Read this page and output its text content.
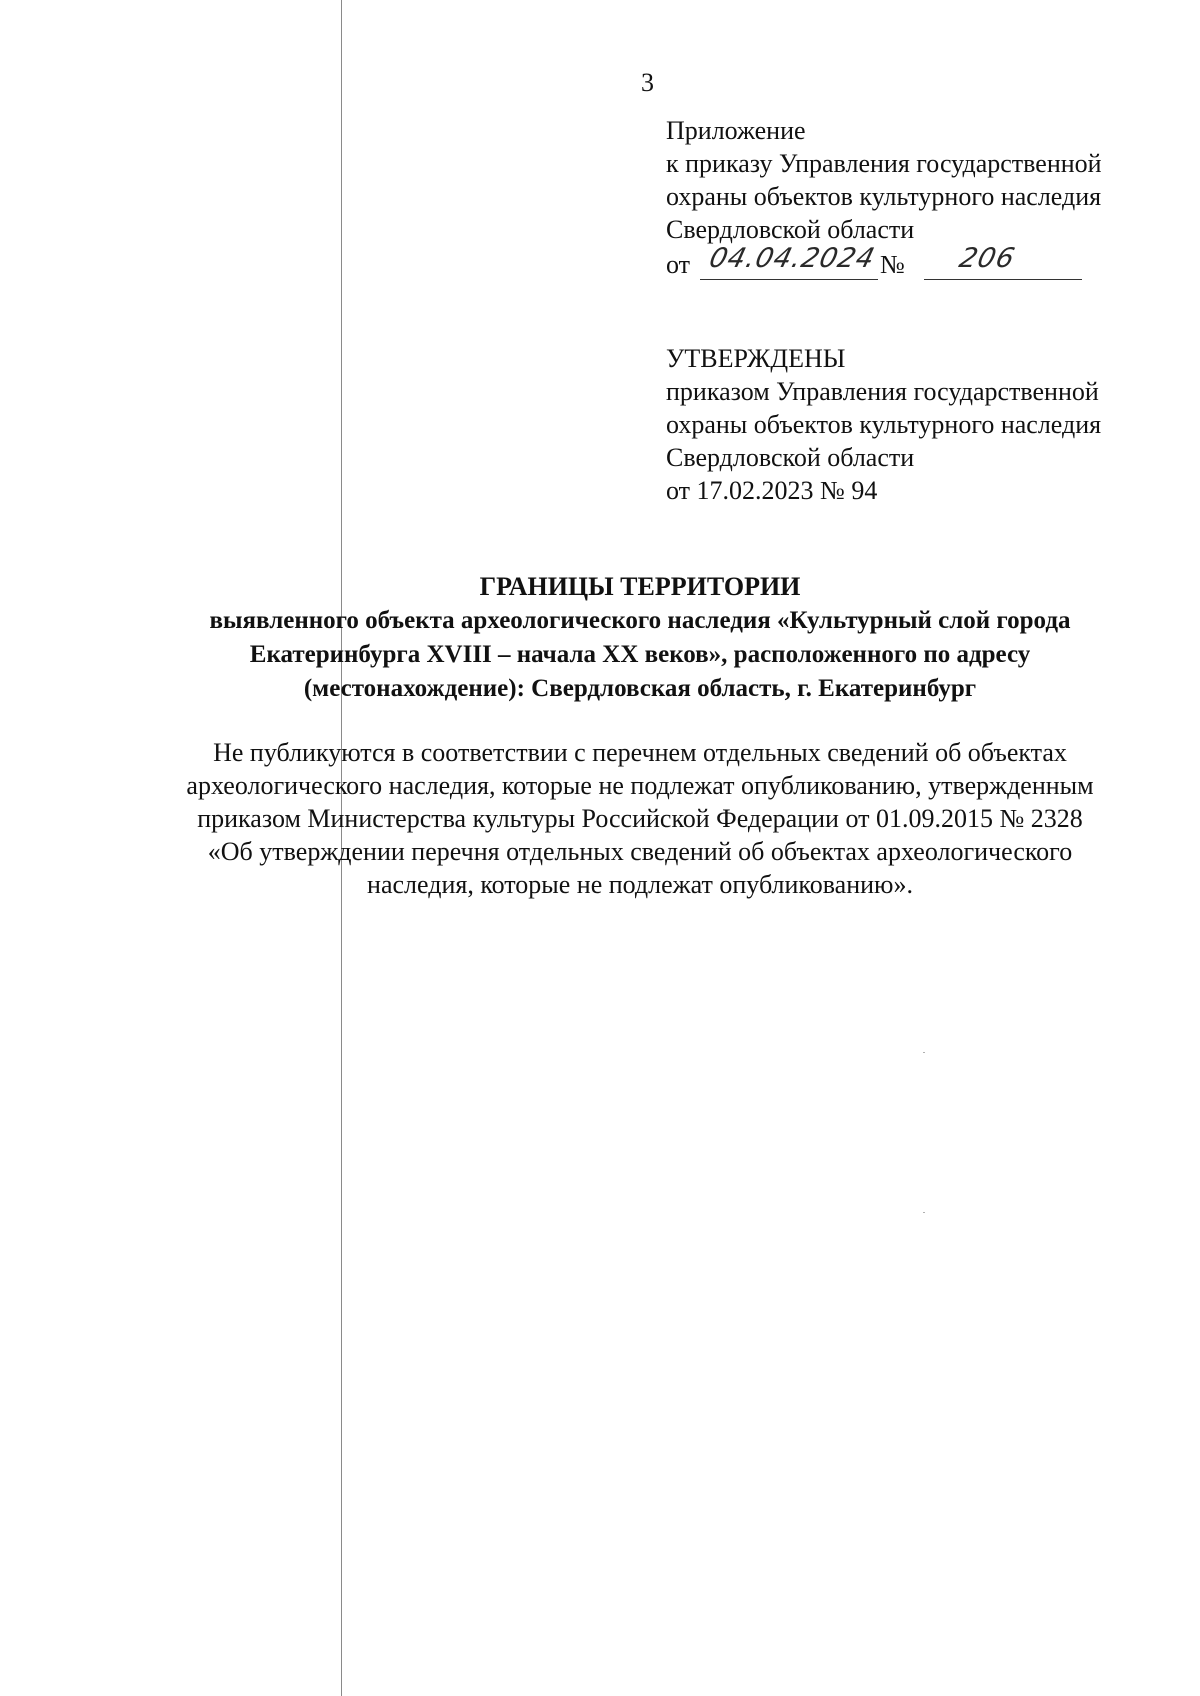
3
Приложение
к приказу Управления государственной
охраны объектов культурного наследия
Свердловской области
от 04.04.2024 № 206
УТВЕРЖДЕНЫ
приказом Управления государственной
охраны объектов культурного наследия
Свердловской области
от 17.02.2023 № 94
ГРАНИЦЫ ТЕРРИТОРИИ
выявленного объекта археологического наследия «Культурный слой города
Екатеринбурга XVIII – начала XX веков», расположенного по адресу
(местонахождение): Свердловская область, г. Екатеринбург
Не публикуются в соответствии с перечнем отдельных сведений об объектах
археологического наследия, которые не подлежат опубликованию, утвержденным
приказом Министерства культуры Российской Федерации от 01.09.2015 № 2328
«Об утверждении перечня отдельных сведений об объектах археологического
наследия, которые не подлежат опубликованию».
